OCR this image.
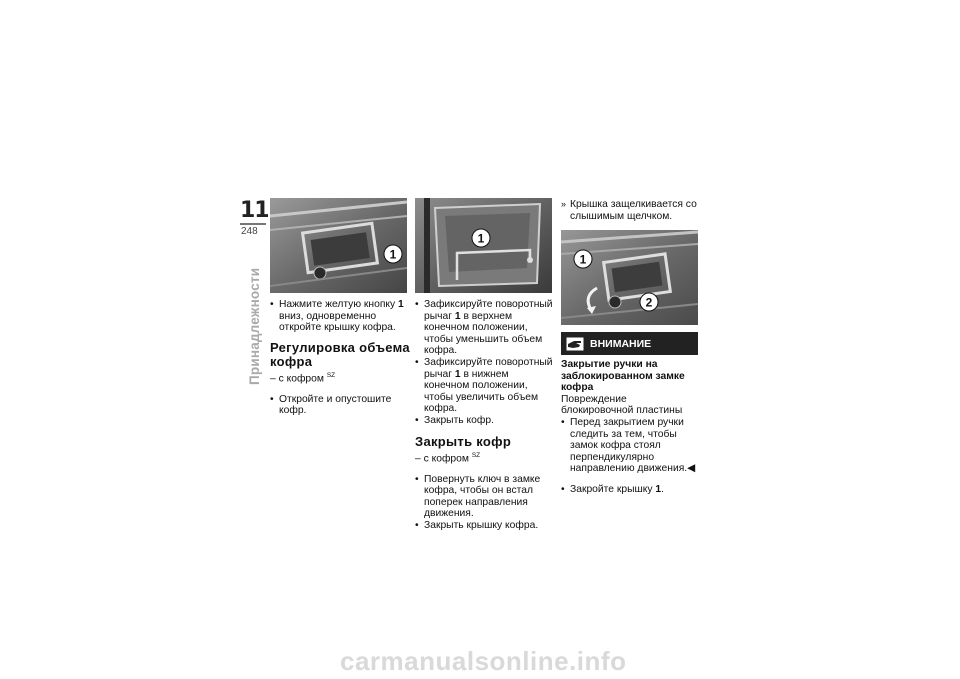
11
248
Принадлежности
1
• Нажмите желтую кнопку 1 вниз, одновременно откройте крышку кофра.
Регулировка объема кофра
– с кофром $^{SZ}$
• Откройте и опустошите кофр.
1
• Зафиксируйте поворотный рычаг 1 в верхнем конечном положении, чтобы уменьшить объем кофра.
• Зафиксируйте поворотный рычаг 1 в нижнем конечном положении, чтобы увеличить объем кофра.
• Закрыть кофр.
Закрыть кофр
– с кофром $^{SZ}$
• Повернуть ключ в замке кофра, чтобы он встал поперек направления движения.
• Закрыть крышку кофра.
» Крышка защелкивается со слышимым щелчком.
1
2
ВНИМАНИЕ
Закрытие ручки на заблокированном замке кофра
Повреждение блокировочной пластины
• Перед закрытием ручки следить за тем, чтобы замок кофра стоял перпендикулярно направлению движения.◀
• Закройте крышку 1.
carmanualsonline.info
